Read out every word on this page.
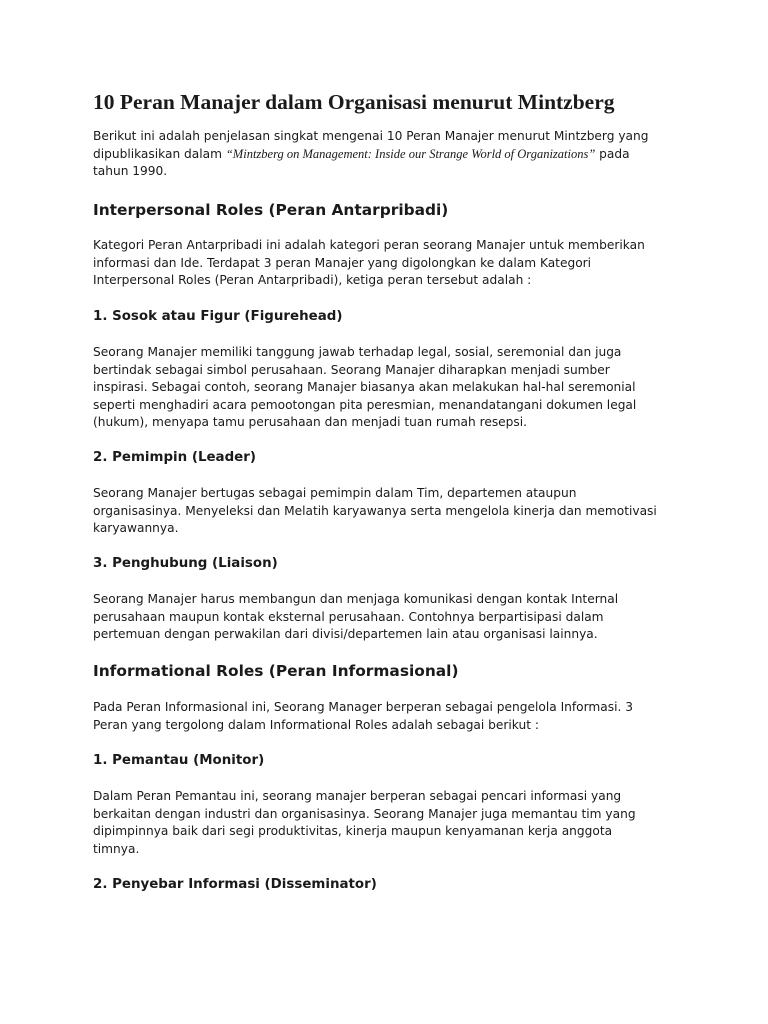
10 Peran Manajer dalam Organisasi menurut Mintzberg

Berikut ini adalah penjelasan singkat mengenai 10 Peran Manajer menurut Mintzberg yang
dipublikasikan dalam “Mintzberg on Management: Inside our Strange World of Organizations” pada
tahun 1990.

Interpersonal Roles (Peran Antarpribadi)

Kategori Peran Antarpribadi ini adalah kategori peran seorang Manajer untuk memberikan
informasi dan Ide. Terdapat 3 peran Manajer yang digolongkan ke dalam Kategori
Interpersonal Roles (Peran Antarpribadi), ketiga peran tersebut adalah :

1. Sosok atau Figur (Figurehead)

Seorang Manajer memiliki tanggung jawab terhadap legal, sosial, seremonial dan juga
bertindak sebagai simbol perusahaan. Seorang Manajer diharapkan menjadi sumber
inspirasi. Sebagai contoh, seorang Manajer biasanya akan melakukan hal-hal seremonial
seperti menghadiri acara pemootongan pita peresmian, menandatangani dokumen legal
(hukum), menyapa tamu perusahaan dan menjadi tuan rumah resepsi.

2. Pemimpin (Leader)

Seorang Manajer bertugas sebagai pemimpin dalam Tim, departemen ataupun
organisasinya. Menyeleksi dan Melatih karyawanya serta mengelola kinerja dan memotivasi
karyawannya.

3. Penghubung (Liaison)

Seorang Manajer harus membangun dan menjaga komunikasi dengan kontak Internal
perusahaan maupun kontak eksternal perusahaan. Contohnya berpartisipasi dalam
pertemuan dengan perwakilan dari divisi/departemen lain atau organisasi lainnya.

Informational Roles (Peran Informasional)

Pada Peran Informasional ini, Seorang Manager berperan sebagai pengelola Informasi. 3
Peran yang tergolong dalam Informational Roles adalah sebagai berikut :

1. Pemantau (Monitor)

Dalam Peran Pemantau ini, seorang manajer berperan sebagai pencari informasi yang
berkaitan dengan industri dan organisasinya. Seorang Manajer juga memantau tim yang
dipimpinnya baik dari segi produktivitas, kinerja maupun kenyamanan kerja anggota
timnya.

2. Penyebar Informasi (Disseminator)
